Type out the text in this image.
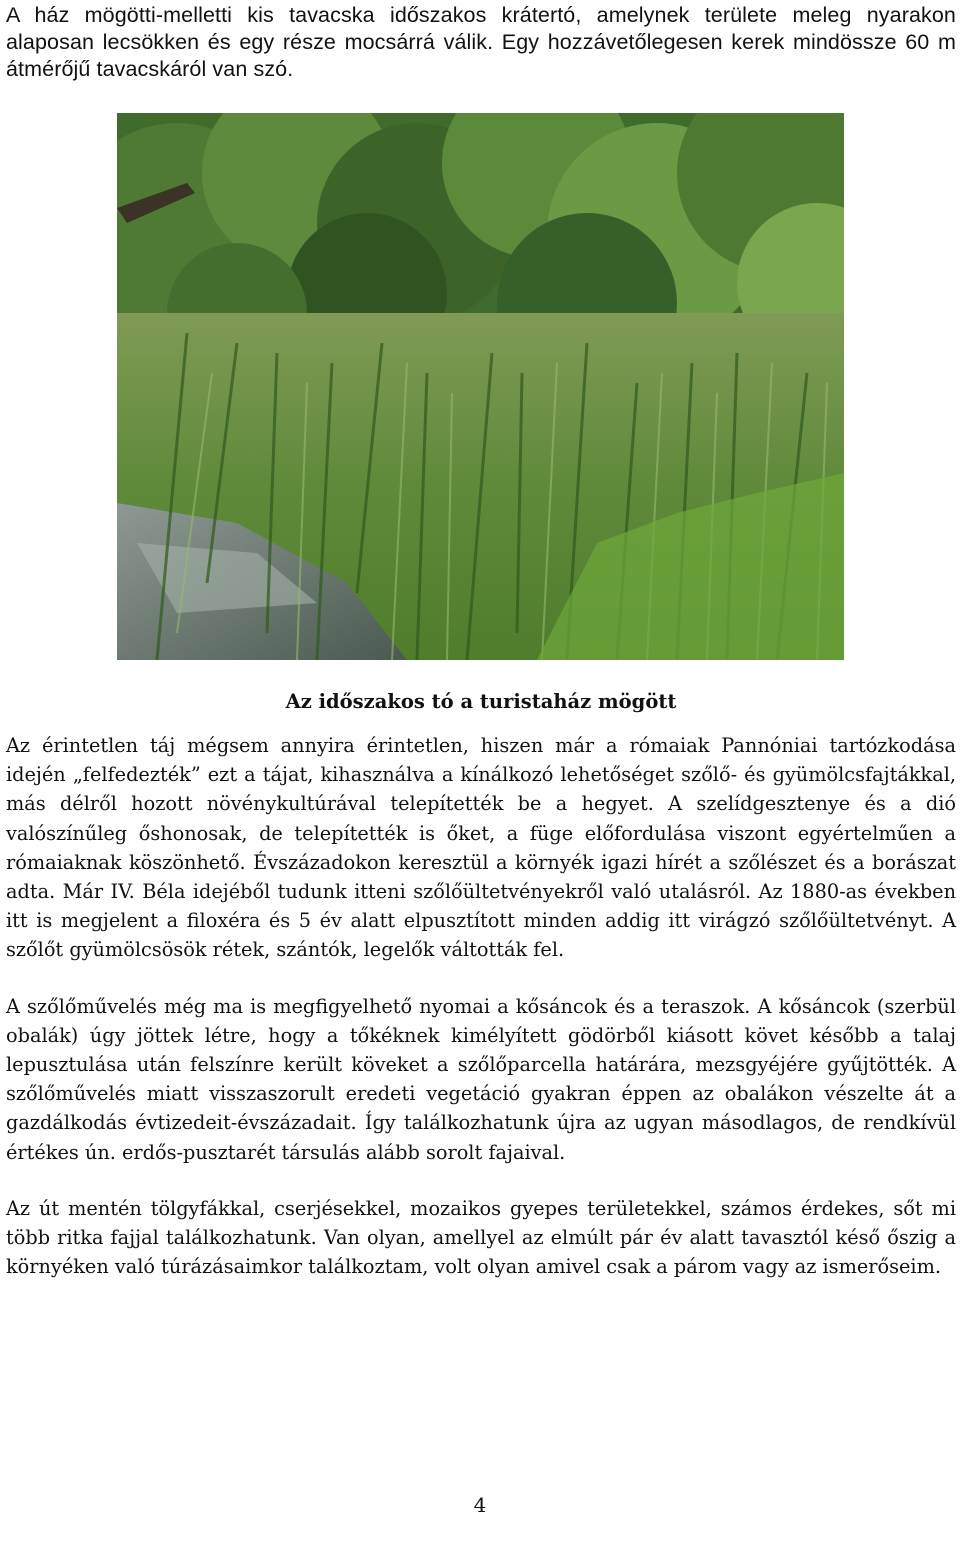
A ház mögötti-melletti kis tavacska időszakos krátertó, amelynek területe meleg nyarakon alaposan lecsökken és egy része mocsárrá válik. Egy hozzávetőlegesen kerek mindössze 60 m átmérőjű tavacskáról van szó.

Az időszakos tó a turistaház mögött

Az érintetlen táj mégsem annyira érintetlen, hiszen már a rómaiak Pannóniai tartózkodása idején „felfedezték” ezt a tájat, kihasználva a kínálkozó lehetőséget szőlő- és gyümölcsfajtákkal, más délről hozott növénykultúrával telepítették be a hegyet. A szelídgesztenye és a dió valószínűleg őshonosak, de telepítették is őket, a füge előfordulása viszont egyértelműen a rómaiaknak köszönhető. Évszázadokon keresztül a környék igazi hírét a szőlészet és a borászat adta. Már IV. Béla idejéből tudunk itteni szőlőültetvényekről való utalásról. Az 1880-as években itt is megjelent a filoxéra és 5 év alatt elpusztított minden addig itt virágzó szőlőültetvényt. A szőlőt gyümölcsösök rétek, szántók, legelők váltották fel.

A szőlőművelés még ma is megfigyelhető nyomai a kősáncok és a teraszok. A kősáncok (szerbül obalák) úgy jöttek létre, hogy a tőkéknek kimélyített gödörből kiásott követ később a talaj lepusztulása után felszínre került köveket a szőlőparcella határára, mezsgyéjére gyűjtötték. A szőlőművelés miatt visszaszorult eredeti vegetáció gyakran éppen az obalákon vészelte át a gazdálkodás évtizedeit-évszázadait. Így találkozhatunk újra az ugyan másodlagos, de rendkívül értékes ún. erdős-pusztarét társulás alább sorolt fajaival.

Az út mentén tölgyfákkal, cserjésekkel, mozaikos gyepes területekkel, számos érdekes, sőt mi több ritka fajjal találkozhatunk. Van olyan, amellyel az elmúlt pár év alatt tavasztól késő őszig a környéken való túrázásaimkor találkoztam, volt olyan amivel csak a párom vagy az ismerőseim.

4
